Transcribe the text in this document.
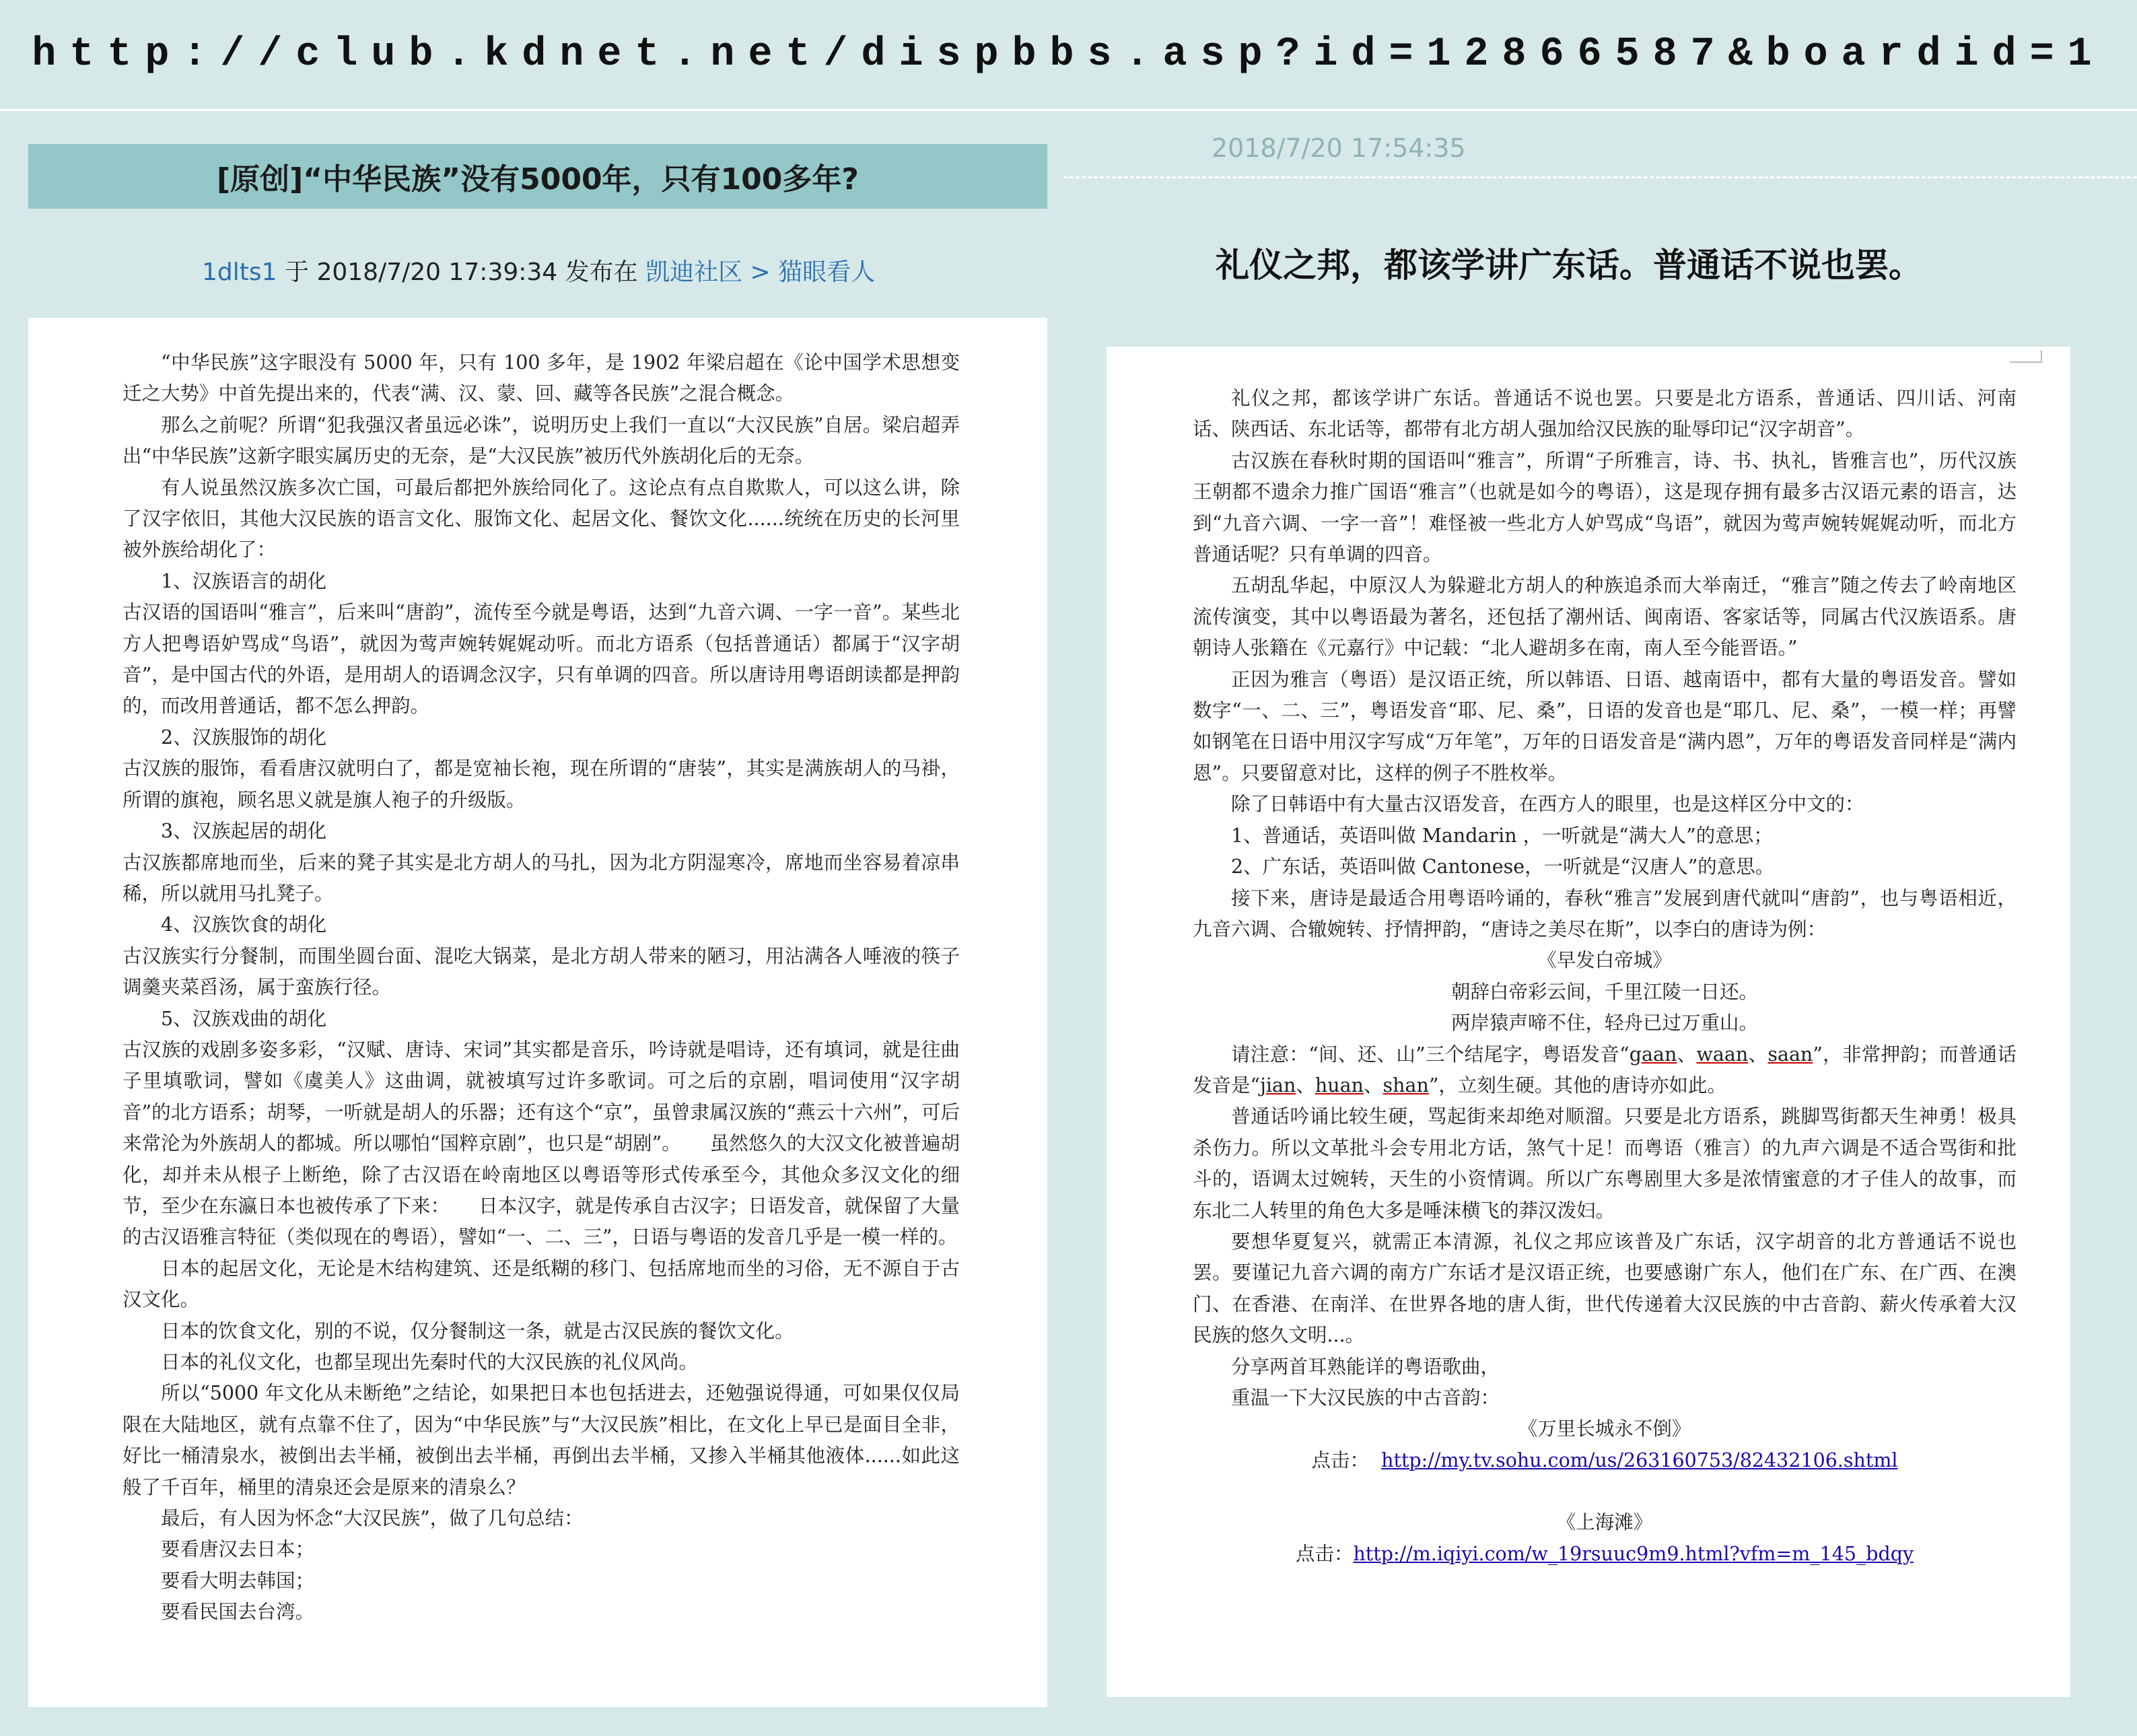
http://club.kdnet.net/dispbbs.asp?id=12866587&boardid=1
[原创]“中华民族”没有5000年，只有100多年?
2018/7/20 17:54:35
1dlts1 于 2018/7/20 17:39:34 发布在 凯迪社区 > 猫眼看人	礼仪之邦，都该学讲广东话。普通话不说也罢。

“中华民族”这字眼没有 5000 年，只有 100 多年，是 1902 年梁启超在《论中国学术思想变迁之大势》中首先提出来的，代表“满、汉、蒙、回、藏等各民族”之混合概念。

那么之前呢？所谓“犯我强汉者虽远必诛”，说明历史上我们一直以“大汉民族”自居。梁启超弄出“中华民族”这新字眼实属历史的无奈，是“大汉民族”被历代外族胡化后的无奈。

有人说虽然汉族多次亡国，可最后都把外族给同化了。这论点有点自欺欺人，可以这么讲，除了汉字依旧，其他大汉民族的语言文化、服饰文化、起居文化、餐饮文化......统统在历史的长河里被外族给胡化了：

1、汉族语言的胡化

古汉语的国语叫“雅言”，后来叫“唐韵”，流传至今就是粤语，达到“九音六调、一字一音”。某些北方人把粤语妒骂成“鸟语”，就因为莺声婉转娓娓动听。而北方语系（包括普通话）都属于“汉字胡音”，是中国古代的外语，是用胡人的语调念汉字，只有单调的四音。所以唐诗用粤语朗读都是押韵的，而改用普通话，都不怎么押韵。

2、汉族服饰的胡化

古汉族的服饰，看看唐汉就明白了，都是宽袖长袍，现在所谓的“唐装”，其实是满族胡人的马褂，所谓的旗袍，顾名思义就是旗人袍子的升级版。

3、汉族起居的胡化

古汉族都席地而坐，后来的凳子其实是北方胡人的马扎，因为北方阴湿寒冷，席地而坐容易着凉串稀，所以就用马扎凳子。

4、汉族饮食的胡化

古汉族实行分餐制，而围坐圆台面、混吃大锅菜，是北方胡人带来的陋习，用沾满各人唾液的筷子调羹夹菜舀汤，属于蛮族行径。

5、汉族戏曲的胡化

古汉族的戏剧多姿多彩，“汉赋、唐诗、宋词”其实都是音乐，吟诗就是唱诗，还有填词，就是往曲子里填歌词，譬如《虞美人》这曲调，就被填写过许多歌词。可之后的京剧，唱词使用“汉字胡音”的北方语系；胡琴，一听就是胡人的乐器；还有这个“京”，虽曾隶属汉族的“燕云十六州”，可后来常沦为外族胡人的都城。所以哪怕“国粹京剧”，也只是“胡剧”。　　虽然悠久的大汉文化被普遍胡化，却并未从根子上断绝，除了古汉语在岭南地区以粤语等形式传承至今，其他众多汉文化的细节，至少在东瀛日本也被传承了下来：　　日本汉字，就是传承自古汉字；日语发音，就保留了大量的古汉语雅言特征（类似现在的粤语），譬如“一、二、三”，日语与粤语的发音几乎是一模一样的。

日本的起居文化，无论是木结构建筑、还是纸糊的移门、包括席地而坐的习俗，无不源自于古汉文化。

日本的饮食文化，别的不说，仅分餐制这一条，就是古汉民族的餐饮文化。

日本的礼仪文化，也都呈现出先秦时代的大汉民族的礼仪风尚。

所以“5000 年文化从未断绝”之结论，如果把日本也包括进去，还勉强说得通，可如果仅仅局限在大陆地区，就有点靠不住了，因为“中华民族”与“大汉民族”相比，在文化上早已是面目全非，好比一桶清泉水，被倒出去半桶，被倒出去半桶，再倒出去半桶，又掺入半桶其他液体......如此这般了千百年，桶里的清泉还会是原来的清泉么？

最后，有人因为怀念“大汉民族”，做了几句总结：

要看唐汉去日本；

要看大明去韩国；

要看民国去台湾。

礼仪之邦，都该学讲广东话。普通话不说也罢。只要是北方语系，普通话、四川话、河南话、陕西话、东北话等，都带有北方胡人强加给汉民族的耻辱印记“汉字胡音”。

古汉族在春秋时期的国语叫“雅言”，所谓“子所雅言，诗、书、执礼，皆雅言也”，历代汉族王朝都不遗余力推广国语“雅言”（也就是如今的粤语），这是现存拥有最多古汉语元素的语言，达到“九音六调、一字一音”！难怪被一些北方人妒骂成“鸟语”，就因为莺声婉转娓娓动听，而北方普通话呢？只有单调的四音。

五胡乱华起，中原汉人为躲避北方胡人的种族追杀而大举南迁，“雅言”随之传去了岭南地区流传演变，其中以粤语最为著名，还包括了潮州话、闽南语、客家话等，同属古代汉族语系。唐朝诗人张籍在《元嘉行》中记载：“北人避胡多在南，南人至今能晋语。”

正因为雅言（粤语）是汉语正统，所以韩语、日语、越南语中，都有大量的粤语发音。譬如数字“一、二、三”，粤语发音“耶、尼、桑”，日语的发音也是“耶几、尼、桑”，一模一样；再譬如钢笔在日语中用汉字写成“万年笔”，万年的日语发音是“满内恩”，万年的粤语发音同样是“满内恩”。只要留意对比，这样的例子不胜枚举。

除了日韩语中有大量古汉语发音，在西方人的眼里，也是这样区分中文的：

1、普通话，英语叫做 Mandarin ，一听就是“满大人”的意思；

2、广东话，英语叫做 Cantonese，一听就是“汉唐人”的意思。

接下来，唐诗是最适合用粤语吟诵的，春秋“雅言”发展到唐代就叫“唐韵”，也与粤语相近，九音六调、合辙婉转、抒情押韵，“唐诗之美尽在斯”，以李白的唐诗为例：

《早发白帝城》

朝辞白帝彩云间，千里江陵一日还。

两岸猿声啼不住，轻舟已过万重山。

请注意：“间、还、山”三个结尾字，粤语发音“gaan、waan、saan”，非常押韵；而普通话发音是“jian、huan、shan”，立刻生硬。其他的唐诗亦如此。

普通话吟诵比较生硬，骂起街来却绝对顺溜。只要是北方语系，跳脚骂街都天生神勇！极具杀伤力。所以文革批斗会专用北方话，煞气十足！而粤语（雅言）的九声六调是不适合骂街和批斗的，语调太过婉转，天生的小资情调。所以广东粤剧里大多是浓情蜜意的才子佳人的故事，而东北二人转里的角色大多是唾沫横飞的莽汉泼妇。

要想华夏复兴，就需正本清源，礼仪之邦应该普及广东话，汉字胡音的北方普通话不说也罢。要谨记九音六调的南方广东话才是汉语正统，也要感谢广东人，他们在广东、在广西、在澳门、在香港、在南洋、在世界各地的唐人街，世代传递着大汉民族的中古音韵、薪火传承着大汉民族的悠久文明...。

分享两首耳熟能详的粤语歌曲，

重温一下大汉民族的中古音韵：

《万里长城永不倒》

点击： http://my.tv.sohu.com/us/263160753/82432106.shtml

《上海滩》

点击：http://m.iqiyi.com/w_19rsuuc9m9.html?vfm=m_145_bdqy
